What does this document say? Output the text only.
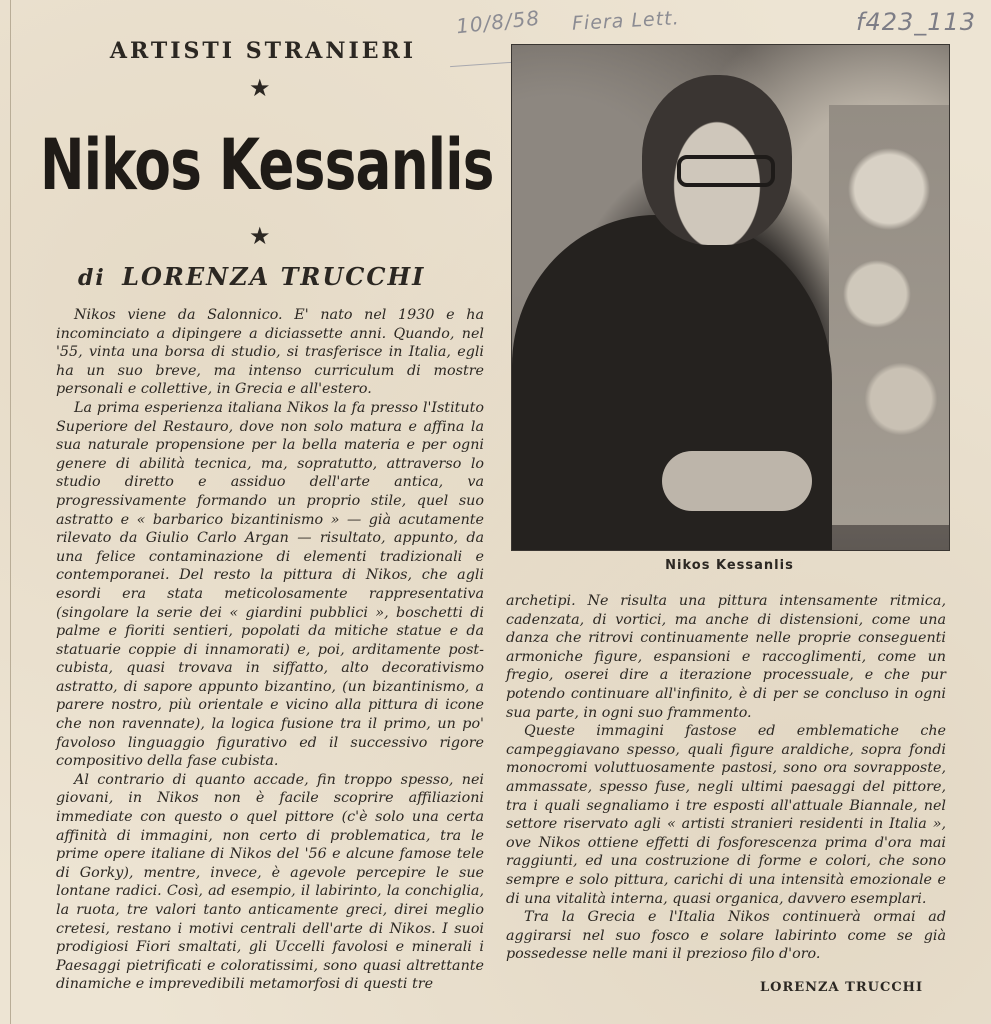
10/8/58 Fiera Lett.	f423_113
ARTISTI STRANIERI
★
Nikos Kessanlis
★
di LORENZA TRUCCHI

Nikos viene da Salonnico. E' nato nel 1930 e ha incominciato a dipingere a diciassette anni. Quando, nel '55, vinta una borsa di studio, si trasferisce in Italia, egli ha un suo breve, ma intenso curriculum di mostre personali e collettive, in Grecia e all'estero.

La prima esperienza italiana Nikos la fa presso l'Istituto Superiore del Restauro, dove non solo matura e affina la sua naturale propensione per la bella materia e per ogni genere di abilità tecnica, ma, sopratutto, attraverso lo studio diretto e assiduo dell'arte antica, va progressivamente formando un proprio stile, quel suo astratto e « barbarico bizantinismo » — già acutamente rilevato da Giulio Carlo Argan — risultato, appunto, da una felice contaminazione di elementi tradizionali e contemporanei. Del resto la pittura di Nikos, che agli esordi era stata meticolosamente rappresentativa (singolare la serie dei « giardini pubblici », boschetti di palme e fioriti sentieri, popolati da mitiche statue e da statuarie coppie di innamorati) e, poi, arditamente post-cubista, quasi trovava in siffatto, alto decorativismo astratto, di sapore appunto bizantino, (un bizantinismo, a parere nostro, più orientale e vicino alla pittura di icone che non ravennate), la logica fusione tra il primo, un po' favoloso linguaggio figurativo ed il successivo rigore compositivo della fase cubista.

Al contrario di quanto accade, fin troppo spesso, nei giovani, in Nikos non è facile scoprire affiliazioni immediate con questo o quel pittore (c'è solo una certa affinità di immagini, non certo di problematica, tra le prime opere italiane di Nikos del '56 e alcune famose tele di Gorky), mentre, invece, è agevole percepire le sue lontane radici. Così, ad esempio, il labirinto, la conchiglia, la ruota, tre valori tanto anticamente greci, direi meglio cretesi, restano i motivi centrali dell'arte di Nikos. I suoi prodigiosi Fiori smaltati, gli Uccelli favolosi e minerali i Paesaggi pietrificati e coloratissimi, sono quasi altrettante dinamiche e imprevedibili metamorfosi di questi tre

Nikos Kessanlis

archetipi. Ne risulta una pittura intensamente ritmica, cadenzata, di vortici, ma anche di distensioni, come una danza che ritrovi continuamente nelle proprie conseguenti armoniche figure, espansioni e raccoglimenti, come un fregio, oserei dire a iterazione processuale, e che pur potendo continuare all'infinito, è di per se concluso in ogni sua parte, in ogni suo frammento.

Queste immagini fastose ed emblematiche che campeggiavano spesso, quali figure araldiche, sopra fondi monocromi voluttuosamente pastosi, sono ora sovrapposte, ammassate, spesso fuse, negli ultimi paesaggi del pittore, tra i quali segnaliamo i tre esposti all'attuale Biannale, nel settore riservato agli « artisti stranieri residenti in Italia », ove Nikos ottiene effetti di fosforescenza prima d'ora mai raggiunti, ed una costruzione di forme e colori, che sono sempre e solo pittura, carichi di una intensità emozionale e di una vitalità interna, quasi organica, davvero esemplari.

Tra la Grecia e l'Italia Nikos continuerà ormai ad aggirarsi nel suo fosco e solare labirinto come se già possedesse nelle mani il prezioso filo d'oro.

LORENZA TRUCCHI
